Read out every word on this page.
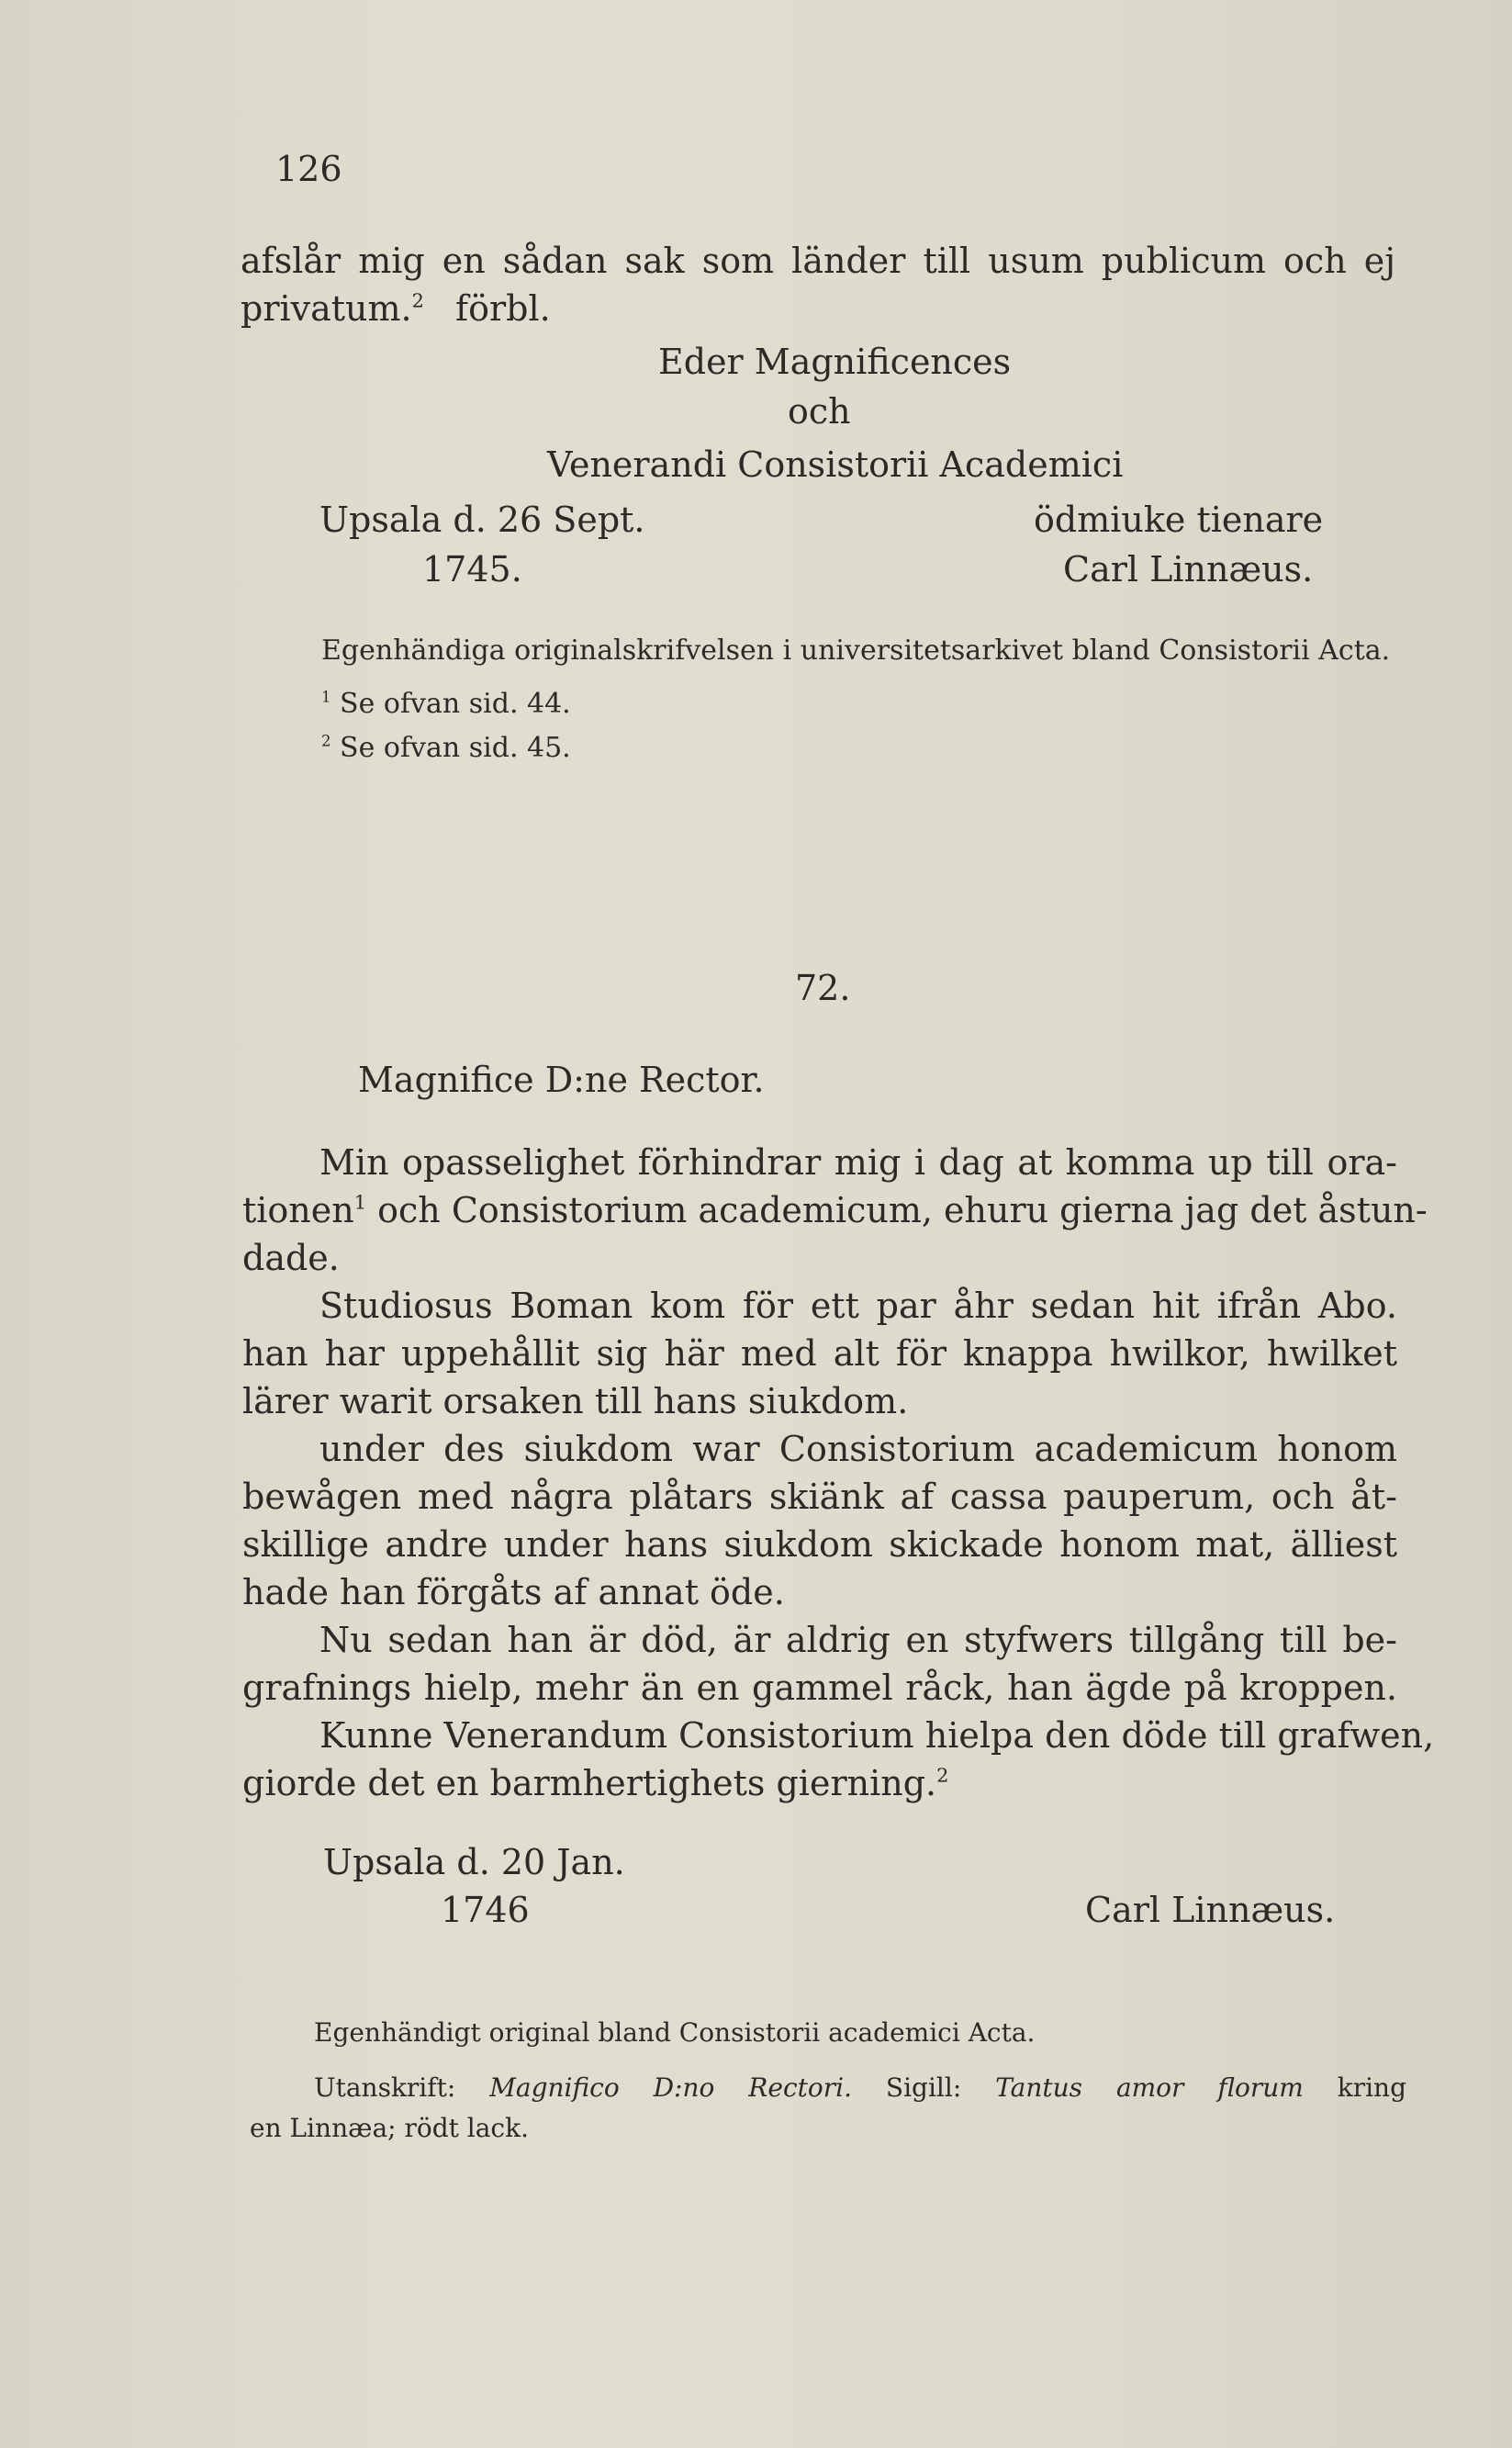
126
afslår mig en sådan sak som länder till usum publicum och ej
privatum.$^2$ förbl.
Eder Magnificences
och
Venerandi Consistorii Academici
Upsala d. 26 Sept.	ödmiuke tienare
1745.	Carl Linnæus.
Egenhändiga originalskrifvelsen i universitetsarkivet bland Consistorii Acta.
$^1$ Se ofvan sid. 44.
$^2$ Se ofvan sid. 45.
72.
Magnifice D:ne Rector.
Min opasselighet förhindrar mig i dag at komma up till ora-
tionen$^1$ och Consistorium academicum, ehuru gierna jag det åstun-
dade.
Studiosus Boman kom för ett par åhr sedan hit ifrån Abo.
han har uppehållit sig här med alt för knappa hwilkor, hwilket
lärer warit orsaken till hans siukdom.
under des siukdom war Consistorium academicum honom
bewågen med några plåtars skiänk af cassa pauperum, och åt-
skillige andre under hans siukdom skickade honom mat, älliest
hade han förgåts af annat öde.
Nu sedan han är död, är aldrig en styfwers tillgång till be-
grafnings hielp, mehr än en gammel råck, han ägde på kroppen.
Kunne Venerandum Consistorium hielpa den döde till grafwen,
giorde det en barmhertighets gierning.$^2$
Upsala d. 20 Jan.
1746	Carl Linnæus.
Egenhändigt original bland Consistorii academici Acta.
Utanskrift: Magnifico D:no Rectori. Sigill: Tantus amor florum kring
en Linnæa; rödt lack.
